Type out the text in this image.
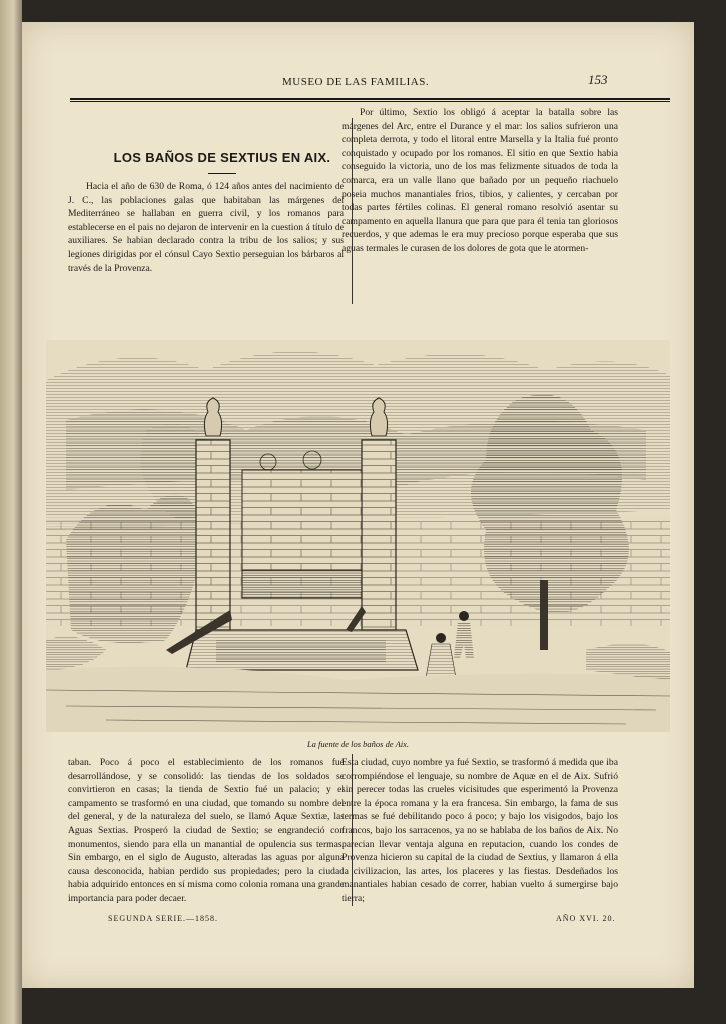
MUSEO DE LAS FAMILIAS.	153
LOS BAÑOS DE SEXTIUS EN AIX.

Hacia el año de 630 de Roma, ó 124 años antes del nacimiento de J. C., las poblaciones galas que habitaban las márgenes del Mediterráneo se hallaban en guerra civil, y los romanos para establecerse en el pais no dejaron de intervenir en la cuestion á título de auxiliares. Se habian declarado contra la tribu de los salios; y sus legiones dirigidas por el cónsul Cayo Sextio perseguian los bárbaros al través de la Provenza.

Por último, Sextio los obligó á aceptar la batalla sobre las márgenes del Arc, entre el Durance y el mar: los salios sufrieron una completa derrota, y todo el litoral entre Marsella y la Italia fué pronto conquistado y ocupado por los romanos. El sitio en que Sextio habia conseguido la victoria, uno de los mas felizmente situados de toda la comarca, era un valle llano que bañado por un pequeño riachuelo poseia muchos manantiales frios, tibios, y calientes, y cercaban por todas partes fértiles colinas. El general romano resolvió asentar su campamento en aquella llanura que para que para él tenia tan gloriosos recuerdos, y que ademas le era muy precioso porque esperaba que sus aguas termales le curasen de los dolores de gota que le atormen-

La fuente de los baños de Aix.

taban. Poco á poco el establecimiento de los romanos fué desarrollándose, y se consolidó: las tiendas de los soldados se convirtieron en casas; la tienda de Sextio fué un palacio; y el campamento se trasformó en una ciudad, que tomando su nombre del del general, y de la naturaleza del suelo, se llamó Aquæ Sextiæ, las Aguas Sextias. Prosperó la ciudad de Sextio; se engrandeció con monumentos, siendo para ella un manantial de opulencia sus termas. Sin embargo, en el siglo de Augusto, alteradas las aguas por alguna causa desconocida, habian perdido sus propiedades; pero la ciudad habia adquirido entonces en sí misma como colonia romana una grande importancia para poder decaer.

Esta ciudad, cuyo nombre ya fué Sextio, se trasformó á medida que iba corrompiéndose el lenguaje, su nombre de Aquæ en el de Aix. Sufrió sin perecer todas las crueles vicisitudes que esperimentó la Provenza entre la época romana y la era francesa. Sin embargo, la fama de sus termas se fué debilitando poco á poco; y bajo los visigodos, bajo los francos, bajo los sarracenos, ya no se hablaba de los baños de Aix. No parecian llevar ventaja alguna en reputacion, cuando los condes de Provenza hicieron su capital de la ciudad de Sextius, y llamaron á ella la civilizacion, las artes, los placeres y las fiestas. Desdeñados los manantiales habian cesado de correr, habian vuelto á sumergirse bajo tierra;

SEGUNDA SERIE.—1858.	AÑO XVI. 20.
